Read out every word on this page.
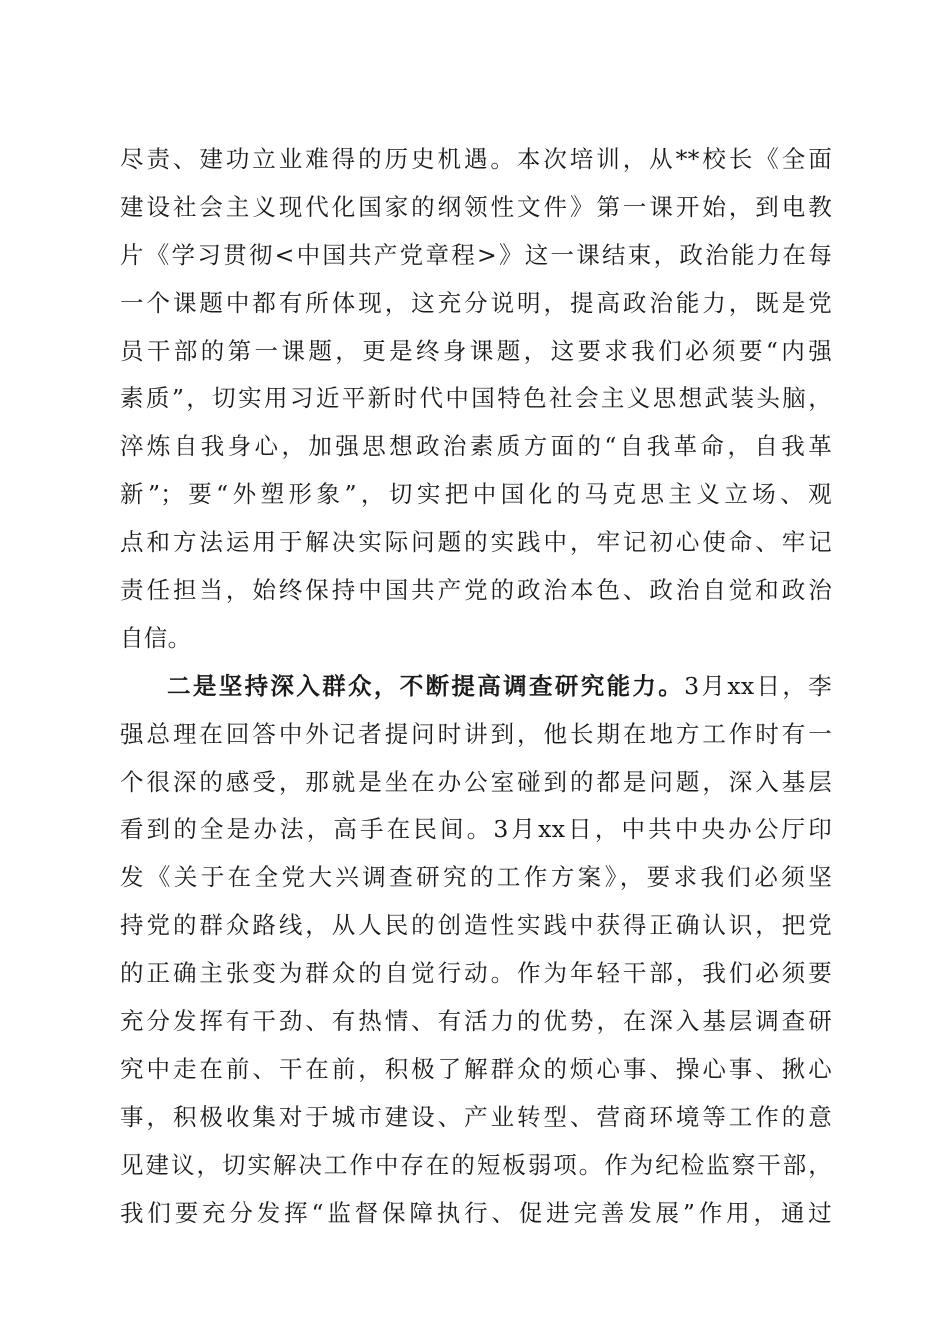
尽责、建功立业难得的历史机遇。本次培训，从**校长《全面
建设社会主义现代化国家的纲领性文件》第一课开始，到电教
片《学习贯彻<中国共产党章程>》这一课结束，政治能力在每
一个课题中都有所体现，这充分说明，提高政治能力，既是党
员干部的第一课题，更是终身课题，这要求我们必须要“内强
素质”，切实用习近平新时代中国特色社会主义思想武装头脑，
淬炼自我身心，加强思想政治素质方面的“自我革命，自我革
新”；要“外塑形象”，切实把中国化的马克思主义立场、观
点和方法运用于解决实际问题的实践中，牢记初心使命、牢记
责任担当，始终保持中国共产党的政治本色、政治自觉和政治
自信。
二是坚持深入群众，不断提高调查研究能力。3月xx日，李
强总理在回答中外记者提问时讲到，他长期在地方工作时有一
个很深的感受，那就是坐在办公室碰到的都是问题，深入基层
看到的全是办法，高手在民间。3月xx日，中共中央办公厅印
发《关于在全党大兴调查研究的工作方案》，要求我们必须坚
持党的群众路线，从人民的创造性实践中获得正确认识，把党
的正确主张变为群众的自觉行动。作为年轻干部，我们必须要
充分发挥有干劲、有热情、有活力的优势，在深入基层调查研
究中走在前、干在前，积极了解群众的烦心事、操心事、揪心
事，积极收集对于城市建设、产业转型、营商环境等工作的意
见建议，切实解决工作中存在的短板弱项。作为纪检监察干部，
我们要充分发挥“监督保障执行、促进完善发展”作用，通过
